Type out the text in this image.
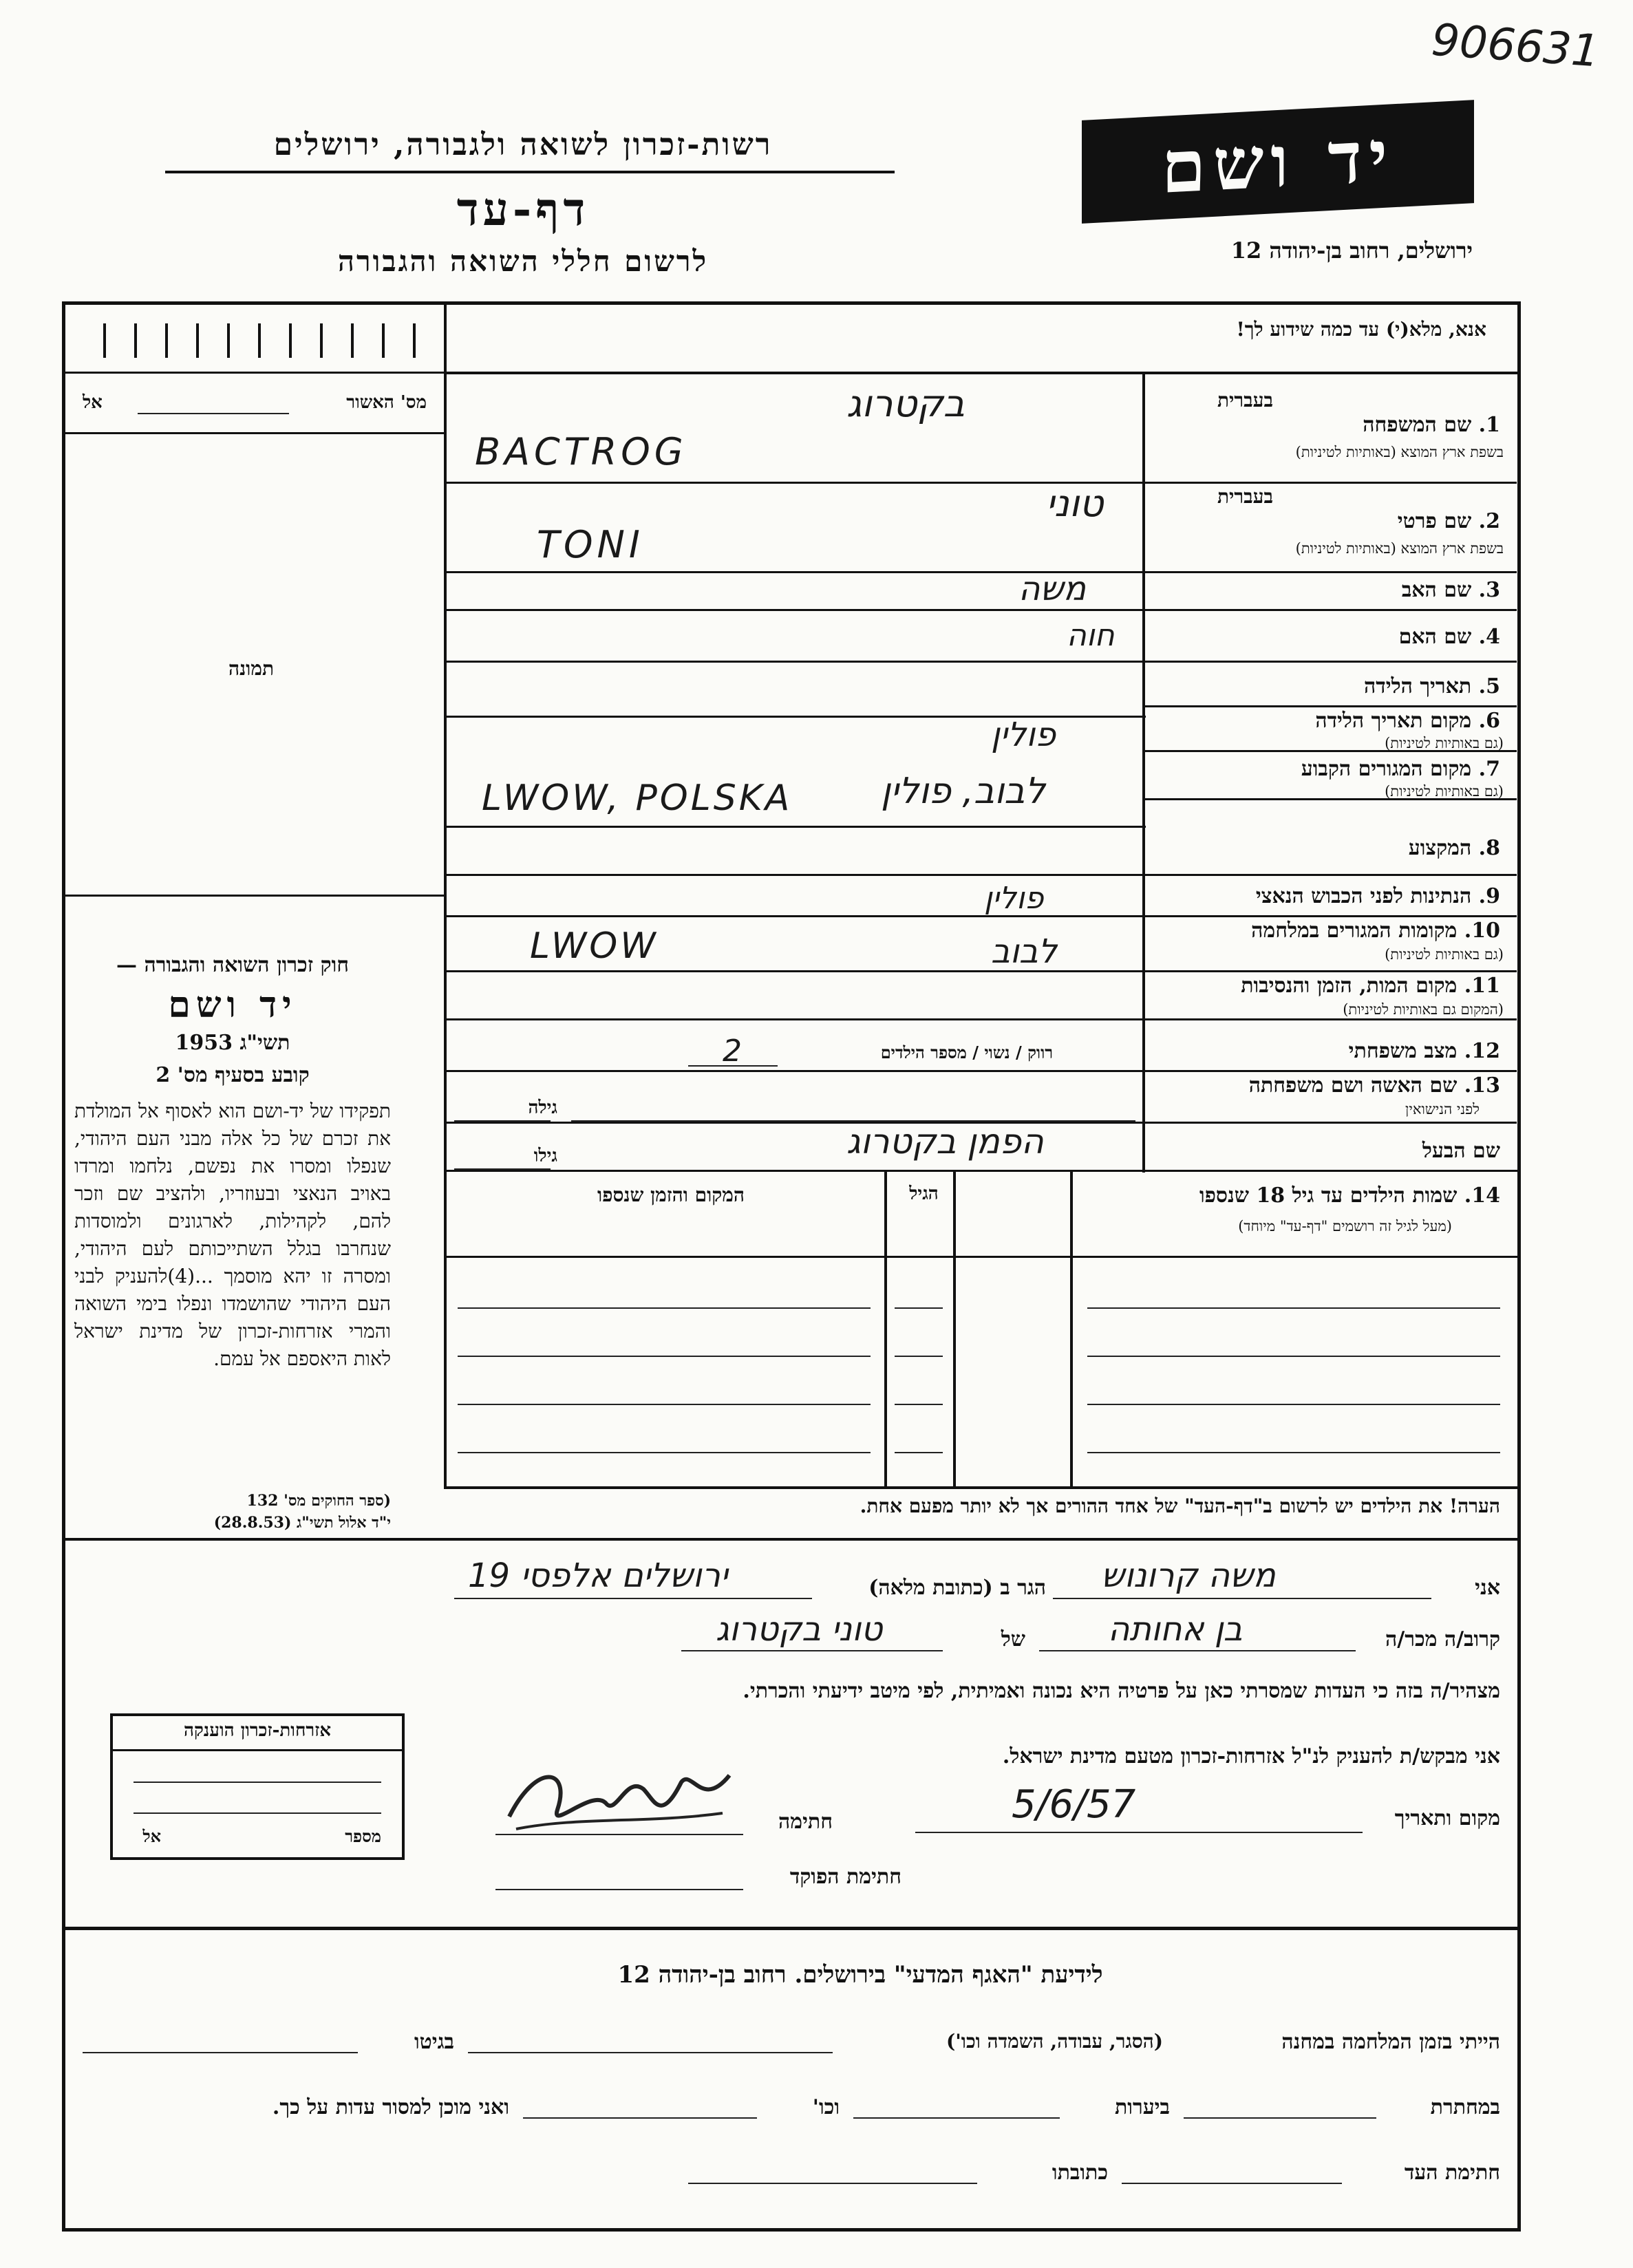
906631
רשות-זכרון לשואה ולגבורה, ירושלים
דף-עד
לרשום חללי השואה והגבורה
יד ושם
ירושלים, רחוב בן-יהודה 12
אל	מס' האשור
תמונה
חוק זכרון השואה והגבורה —
יד ושם
1953 תשי"ג
קובע בסעיף מס' 2
תפקידו של יד-ושם הוא לאסוף אל המולדת את זכרם של כל אלה מבני העם היהודי, שנפלו ומסרו את נפשם, נלחמו ומרדו באויב הנאצי ובעוזריו, ולהציב שם וזכר להם, לקהילות, לארגונים ולמוסדות שנחרבו בגלל השתייכותם לעם היהודי, ומסרה זו יהא מוסמך ...(4)להעניק לבני העם היהודי שהושמדו ונפלו בימי השואה והמרי אזרחות-זכרון של מדינת ישראל לאות היאספם אל עמם.
(ספר החוקים מס' 132
י"ד אלול תשי"ג (28.8.53)
אנא, מלא(י) עד כמה שידוע לך!
בעברית
1. שם המשפחה
בשפת ארץ המוצא (באותיות לטיניות)
בקטרוג
BACTROG
בעברית
2. שם פרטי
בשפת ארץ המוצא (באותיות לטיניות)
טוני
TONI
3. שם האב
משה
4. שם האם
חוה
5. תאריך הלידה
6. מקום תאריך הלידה
(גם באותיות לטיניות)
פולין
7. מקום המגורים הקבוע
(גם באותיות לטיניות)
לבוב, פולין
LWOW, POLSKA
8. המקצוע
9. הנתינות לפני הכבוש הנאצי
פולין
10. מקומות המגורים במלחמה
(גם באותיות לטיניות)
לבוב
LWOW
11. מקום המות, הזמן והנסיבות
(המקום גם באותיות לטיניות)
12. מצב משפחתי
רווק / נשוי / מספר הילדים
2
13. שם האשה ושם משפחתה
לפני הנישואין
גילה
שם הבעל
גילו	הפמן בקטרוג
14. שמות הילדים עד גיל 18 שנספו
(מעל לגיל זה רושמים "דף-עד" מיוחד)
הגיל
המקום והזמן שנספו
הערה! את הילדים יש לרשום ב"דף-העד" של אחד ההורים אך לא יותר מפעם אחת.
אני
משה קרונוש
הגר ב (כתובת מלאה)
ירושלים אלפסי 19
קרוב/ה מכר/ה
בן אחותה
של
טוני בקטרוג
מצהיר/ה בזה כי העדות שמסרתי כאן על פרטיה היא נכונה ואמיתית, לפי מיטב ידיעתי והכרתי.
אזרחות-זכרון הוענקה
מספר
אל
אני מבקש/ת להעניק לנ"ל אזרחות-זכרון מטעם מדינת ישראל.
מקום ותאריך
5/6/57
חתימה
חתימת הפוקד
לידיעת "האגף המדעי" בירושלים. רחוב בן-יהודה 12
הייתי בזמן המלחמה במחנה
(הסגר, עבודה, השמדה וכו')
בגיטו
במחתרת
ביערות
וכו'
ואני מוכן למסור עדות על כך.
חתימת העד
כתובתו
